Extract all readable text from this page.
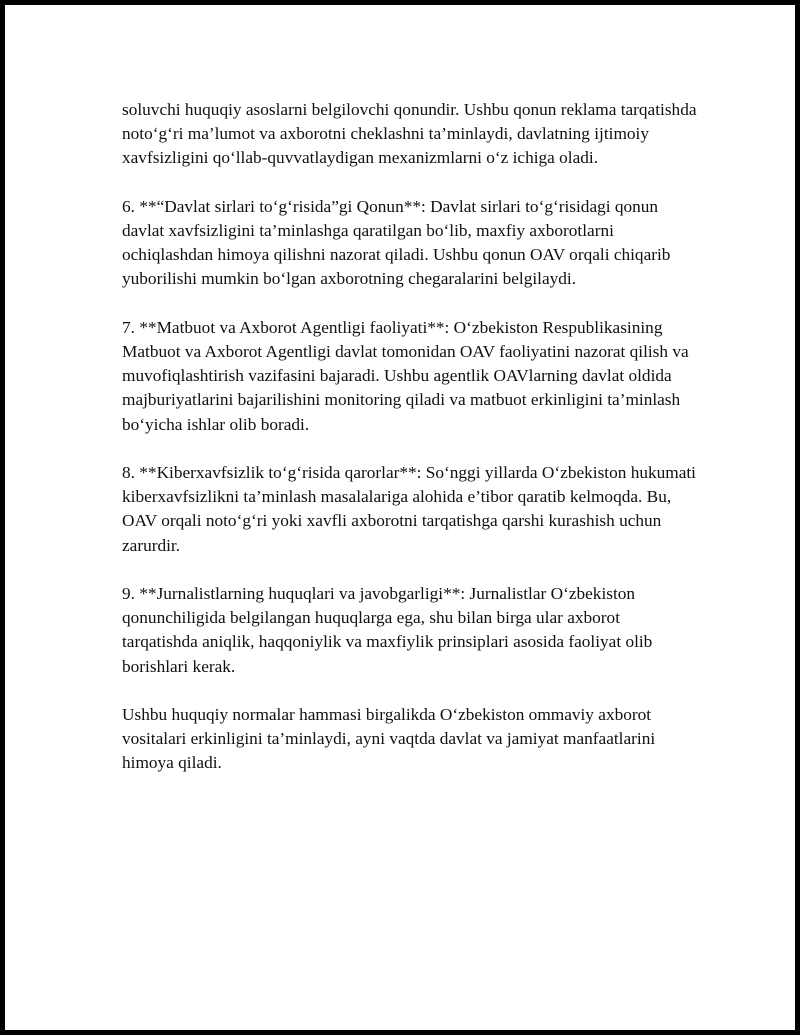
soluvchi huquqiy asoslarni belgilovchi qonundir. Ushbu qonun reklama tarqatishda noto‘g‘ri ma’lumot va axborotni cheklashni ta’minlaydi, davlatning ijtimoiy xavfsizligini qo‘llab-quvvatlaydigan mexanizmlarni o‘z ichiga oladi.

6. **“Davlat sirlari to‘g‘risida”gi Qonun**: Davlat sirlari to‘g‘risidagi qonun davlat xavfsizligini ta’minlashga qaratilgan bo‘lib, maxfiy axborotlarni ochiqlashdan himoya qilishni nazorat qiladi. Ushbu qonun OAV orqali chiqarib yuborilishi mumkin bo‘lgan axborotning chegaralarini belgilaydi.

7. **Matbuot va Axborot Agentligi faoliyati**: O‘zbekiston Respublikasining Matbuot va Axborot Agentligi davlat tomonidan OAV faoliyatini nazorat qilish va muvofiqlashtirish vazifasini bajaradi. Ushbu agentlik OAVlarning davlat oldida majburiyatlarini bajarilishini monitoring qiladi va matbuot erkinligini ta’minlash bo‘yicha ishlar olib boradi.

8. **Kiberxavfsizlik to‘g‘risida qarorlar**: So‘nggi yillarda O‘zbekiston hukumati kiberxavfsizlikni ta’minlash masalalariga alohida e’tibor qaratib kelmoqda. Bu, OAV orqali noto‘g‘ri yoki xavfli axborotni tarqatishga qarshi kurashish uchun zarurdir.

9. **Jurnalistlarning huquqlari va javobgarligi**: Jurnalistlar O‘zbekiston qonunchiligida belgilangan huquqlarga ega, shu bilan birga ular axborot tarqatishda aniqlik, haqqoniylik va maxfiylik prinsiplari asosida faoliyat olib borishlari kerak.

Ushbu huquqiy normalar hammasi birgalikda O‘zbekiston ommaviy axborot vositalari erkinligini ta’minlaydi, ayni vaqtda davlat va jamiyat manfaatlarini himoya qiladi.
